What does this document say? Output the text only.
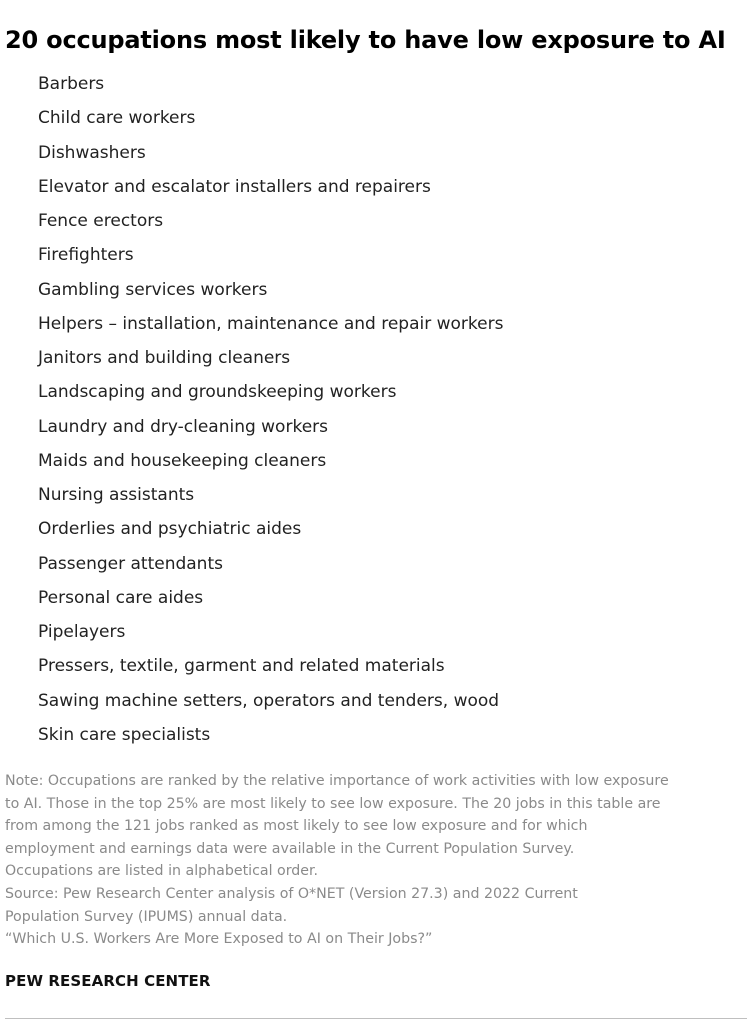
20 occupations most likely to have low exposure to AI
Barbers
Child care workers
Dishwashers
Elevator and escalator installers and repairers
Fence erectors
Firefighters
Gambling services workers
Helpers – installation, maintenance and repair workers
Janitors and building cleaners
Landscaping and groundskeeping workers
Laundry and dry-cleaning workers
Maids and housekeeping cleaners
Nursing assistants
Orderlies and psychiatric aides
Passenger attendants
Personal care aides
Pipelayers
Pressers, textile, garment and related materials
Sawing machine setters, operators and tenders, wood
Skin care specialists
Note: Occupations are ranked by the relative importance of work activities with low exposure
to AI. Those in the top 25% are most likely to see low exposure. The 20 jobs in this table are
from among the 121 jobs ranked as most likely to see low exposure and for which
employment and earnings data were available in the Current Population Survey.
Occupations are listed in alphabetical order.
Source: Pew Research Center analysis of O*NET (Version 27.3) and 2022 Current
Population Survey (IPUMS) annual data.
“Which U.S. Workers Are More Exposed to AI on Their Jobs?”
PEW RESEARCH CENTER
